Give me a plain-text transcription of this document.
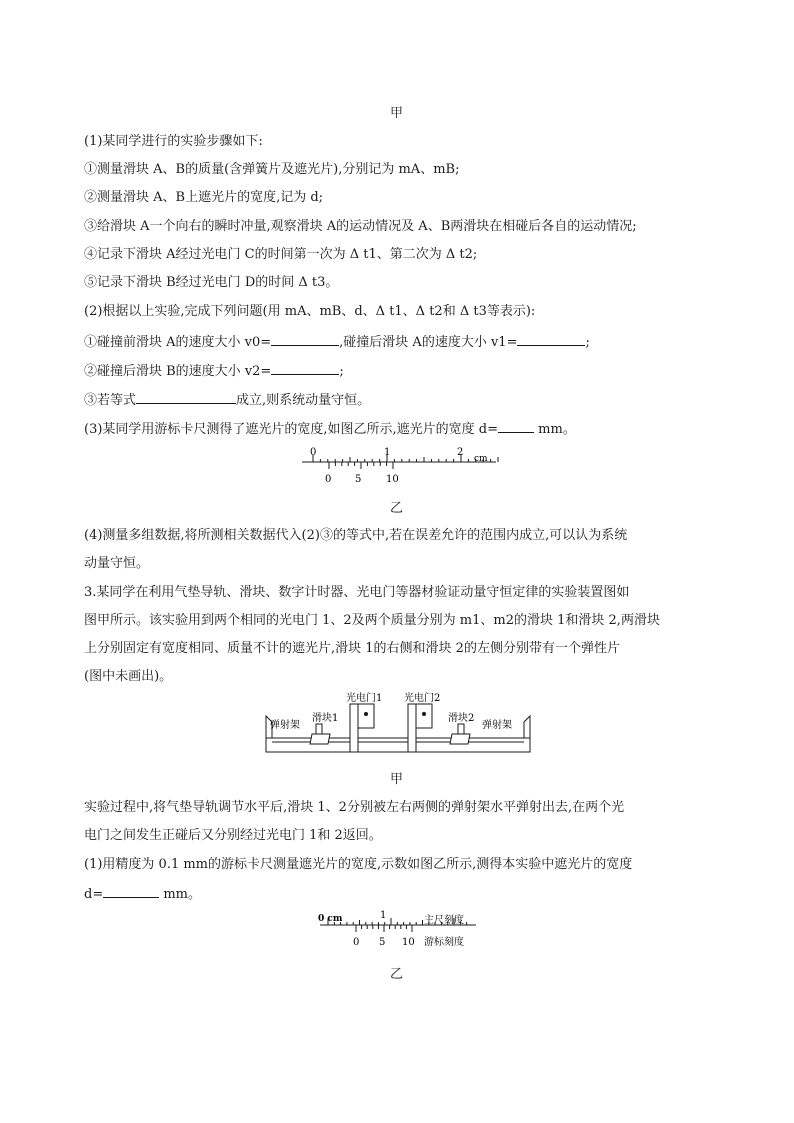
甲
(1)某同学进行的实验步骤如下:
①测量滑块 A、B的质量(含弹簧片及遮光片),分别记为 mA、mB;
②测量滑块 A、B上遮光片的宽度,记为 d;
③给滑块 A一个向右的瞬时冲量,观察滑块 A的运动情况及 A、B两滑块在相碰后各自的运动情况;
④记录下滑块 A经过光电门 C的时间第一次为 Δ t1、第二次为 Δ t2;
⑤记录下滑块 B经过光电门 D的时间 Δ t3。
(2)根据以上实验,完成下列问题(用 mA、mB、d、Δ t1、Δ t2和 Δ t3等表示):
①碰撞前滑块 A的速度大小 v0=	,碰撞后滑块 A的速度大小 v1=	;
②碰撞后滑块 B的速度大小 v2=	;
③若等式	成立,则系统动量守恒。
(3)某同学用游标卡尺测得了遮光片的宽度,如图乙所示,遮光片的宽度 d=	mm。
0	1	2
cm
0 5 10
乙
(4)测量多组数据,将所测相关数据代入(2)③的等式中,若在误差允许的范围内成立,可以认为系统
动量守恒。
3.某同学在利用气垫导轨、滑块、数字计时器、光电门等器材验证动量守恒定律的实验装置图如
图甲所示。该实验用到两个相同的光电门 1、2及两个质量分别为 m1、m2的滑块 1和滑块 2,两滑块
上分别固定有宽度相同、质量不计的遮光片,滑块 1的右侧和滑块 2的左侧分别带有一个弹性片
(图中未画出)。
光电门1 光电门2
滑块1	滑块2
弹射架	弹射架
甲
实验过程中,将气垫导轨调节水平后,滑块 1、2分别被左右两侧的弹射架水平弹射出去,在两个光
电门之间发生正碰后又分别经过光电门 1和 2返回。
(1)用精度为 0.1 mm的游标卡尺测量遮光片的宽度,示数如图乙所示,测得本实验中遮光片的宽度
d=	mm。
0 cm	1	主尺刻度
0 5 10 游标刻度
乙
